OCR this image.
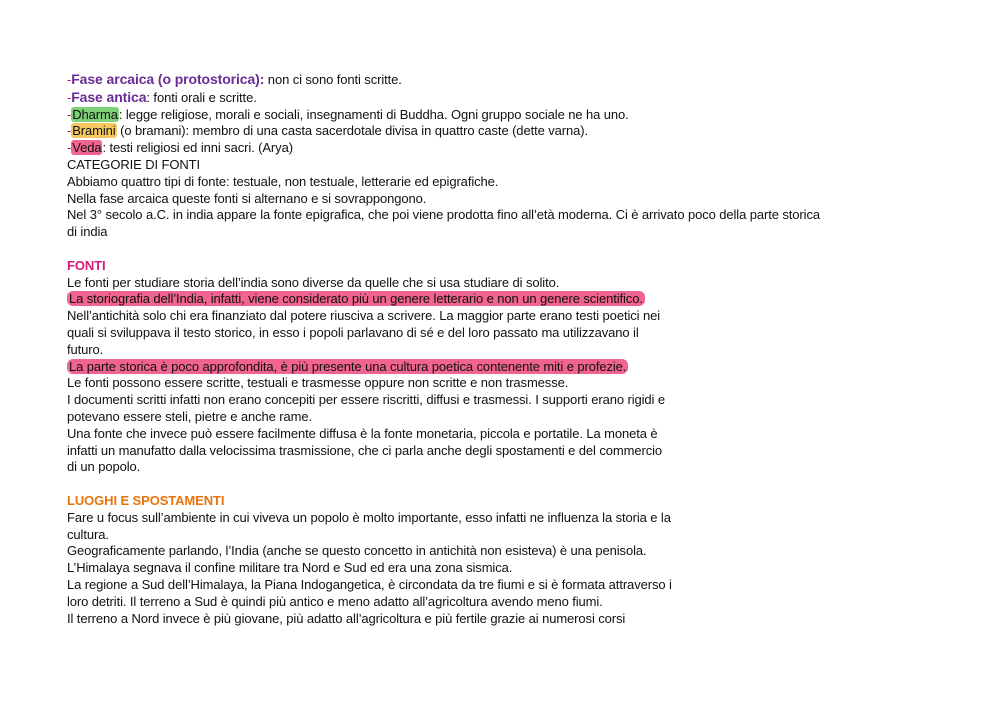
-Fase arcaica (o protostorica): non ci sono fonti scritte.
-Fase antica: fonti orali e scritte.
-Dharma: legge religiose, morali e sociali, insegnamenti di Buddha. Ogni gruppo sociale ne ha uno.
-Bramini (o bramani): membro di una casta sacerdotale divisa in quattro caste (dette varna).
-Veda: testi religiosi ed inni sacri. (Arya)
CATEGORIE DI FONTI
Abbiamo quattro tipi di fonte: testuale, non testuale, letterarie ed epigrafiche.
Nella fase arcaica queste fonti si alternano e si sovrappongono.
Nel 3° secolo a.C. in india appare la fonte epigrafica, che poi viene prodotta fino all’età moderna. Ci è arrivato poco della parte storica
di india
FONTI
Le fonti per studiare storia dell’india sono diverse da quelle che si usa studiare di solito.
La storiografia dell’India, infatti, viene considerato più un genere letterario e non un genere scientifico.
Nell’antichità solo chi era finanziato dal potere riusciva a scrivere. La maggior parte erano testi poetici nei
quali si sviluppava il testo storico, in esso i popoli parlavano di sé e del loro passato ma utilizzavano il
futuro.
La parte storica è poco approfondita, è più presente una cultura poetica contenente miti e profezie.
Le fonti possono essere scritte, testuali e trasmesse oppure non scritte e non trasmesse.
I documenti scritti infatti non erano concepiti per essere riscritti, diffusi e trasmessi. I supporti erano rigidi e
potevano essere steli, pietre e anche rame.
Una fonte che invece può essere facilmente diffusa è la fonte monetaria, piccola e portatile. La moneta è
infatti un manufatto dalla velocissima trasmissione, che ci parla anche degli spostamenti e del commercio
di un popolo.
LUOGHI E SPOSTAMENTI
Fare u focus sull’ambiente in cui viveva un popolo è molto importante, esso infatti ne influenza la storia e la
cultura.
Geograficamente parlando, l’India (anche se questo concetto in antichità non esisteva) è una penisola.
L’Himalaya segnava il confine militare tra Nord e Sud ed era una zona sismica.
La regione a Sud dell’Himalaya, la Piana Indogangetica, è circondata da tre fiumi e si è formata attraverso i
loro detriti. Il terreno a Sud è quindi più antico e meno adatto all’agricoltura avendo meno fiumi.
Il terreno a Nord invece è più giovane, più adatto all’agricoltura e più fertile grazie ai numerosi corsi
